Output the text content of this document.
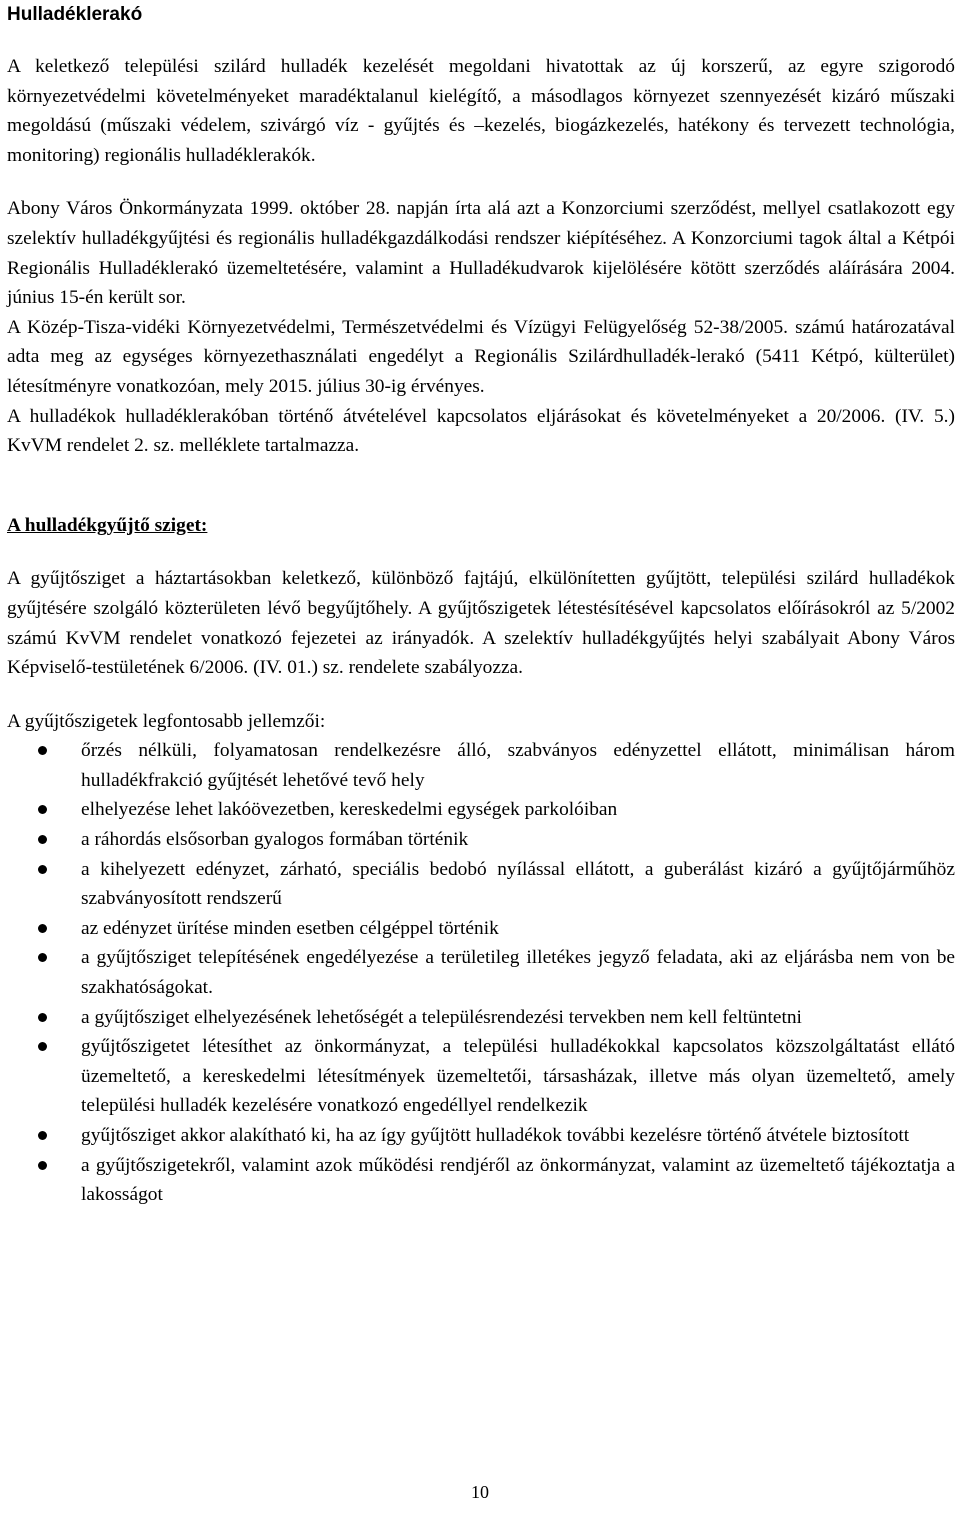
Hulladéklerakó

A keletkező települési szilárd hulladék kezelését megoldani hivatottak az új korszerű, az egyre szigorodó környezetvédelmi követelményeket maradéktalanul kielégítő, a másodlagos környezet szennyezését kizáró műszaki megoldású (műszaki védelem, szivárgó víz - gyűjtés és –kezelés, biogázkezelés, hatékony és tervezett technológia, monitoring) regionális hulladéklerakók.

Abony Város Önkormányzata 1999. október 28. napján írta alá azt a Konzorciumi szerződést, mellyel csatlakozott egy szelektív hulladékgyűjtési és regionális hulladékgazdálkodási rendszer kiépítéséhez. A Konzorciumi tagok által a Kétpói Regionális Hulladéklerakó üzemeltetésére, valamint a Hulladékudvarok kijelölésére kötött szerződés aláírására 2004. június 15-én került sor.

A Közép-Tisza-vidéki Környezetvédelmi, Természetvédelmi és Vízügyi Felügyelőség 52-38/2005. számú határozatával adta meg az egységes környezethasználati engedélyt a Regionális Szilárdhulladék-lerakó (5411 Kétpó, külterület) létesítményre vonatkozóan, mely 2015. július 30-ig érvényes.

A hulladékok hulladéklerakóban történő átvételével kapcsolatos eljárásokat és követelményeket a 20/2006. (IV. 5.) KvVM rendelet 2. sz. melléklete tartalmazza.

A hulladékgyűjtő sziget:

A gyűjtősziget a háztartásokban keletkező, különböző fajtájú, elkülönítetten gyűjtött, települési szilárd hulladékok gyűjtésére szolgáló közterületen lévő begyűjtőhely. A gyűjtőszigetek létestésítésével kapcsolatos előírásokról az 5/2002 számú KvVM rendelet vonatkozó fejezetei az irányadók. A szelektív hulladékgyűjtés helyi szabályait Abony Város Képviselő-testületének 6/2006. (IV. 01.) sz. rendelete szabályozza.

A gyűjtőszigetek legfontosabb jellemzői:

őrzés nélküli, folyamatosan rendelkezésre álló, szabványos edényzettel ellátott, minimálisan három hulladékfrakció gyűjtését lehetővé tevő hely
elhelyezése lehet lakóövezetben, kereskedelmi egységek parkolóiban
a ráhordás elsősorban gyalogos formában történik
a kihelyezett edényzet, zárható, speciális bedobó nyílással ellátott, a guberálást kizáró a gyűjtőjárműhöz szabványosított rendszerű
az edényzet ürítése minden esetben célgéppel történik
a gyűjtősziget telepítésének engedélyezése a területileg illetékes jegyző feladata, aki az eljárásba nem von be szakhatóságokat.
a gyűjtősziget elhelyezésének lehetőségét a településrendezési tervekben nem kell feltüntetni
gyűjtőszigetet létesíthet az önkormányzat, a települési hulladékokkal kapcsolatos közszolgáltatást ellátó üzemeltető, a kereskedelmi létesítmények üzemeltetői, társasházak, illetve más olyan üzemeltető, amely települési hulladék kezelésére vonatkozó engedéllyel rendelkezik
gyűjtősziget akkor alakítható ki, ha az így gyűjtött hulladékok további kezelésre történő átvétele biztosított
a gyűjtőszigetekről, valamint azok működési rendjéről az önkormányzat, valamint az üzemeltető tájékoztatja a lakosságot
10
